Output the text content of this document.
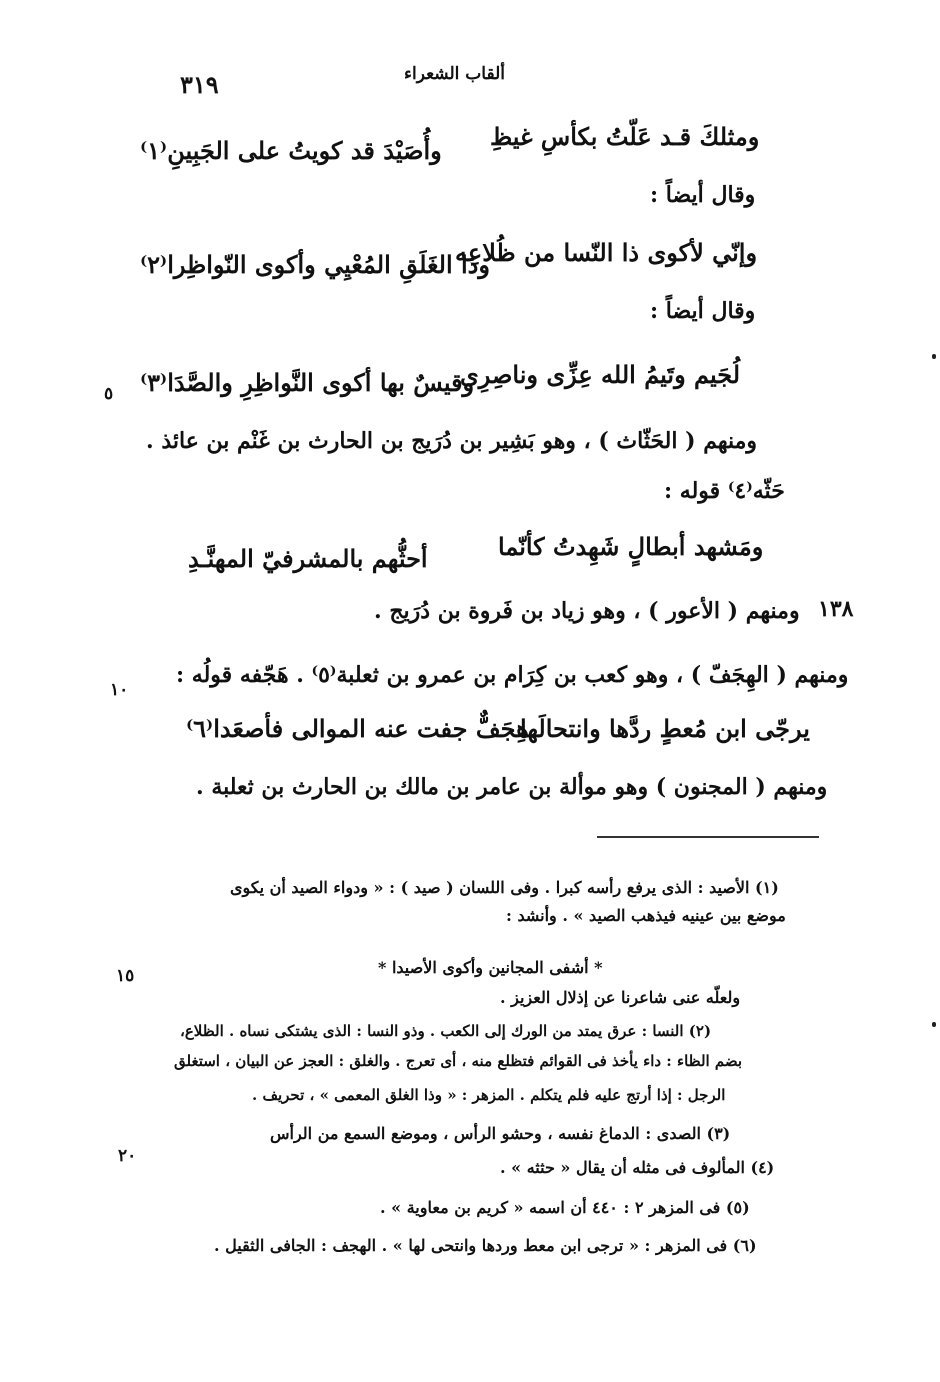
ألقاب الشعراء
٣١٩
ومثلكَ قـد عَلّتُ بكأسِ غيظِ
وأُصَيْدَ قد كويتُ على الجَبِينِ⁽١⁾
وقال أيضاً :
وإنّي لأكوى ذا النّسا من ظُلاعِه
وذا الغَلَقِ المُعْيِي وأكوى النّواظِرا⁽٢⁾
وقال أيضاً :
لُجَيم وتَيمُ الله عِزِّى وناصِرِى
وقيسٌ بها أكوى النَّواظِرِ والصَّدَا⁽٣⁾
٥
ومنهم ( الحَثّاث ) ، وهو بَشِير بن دُرَيج بن الحارث بن غَنْم بن عائذ .
حَثّه⁽٤⁾ قوله :
ومَشهد أبطالٍ شَهِدتُ كأنّما
أحثُّهم بالمشرفيّ المهنَّـدِ
ومنهم ( الأعور ) ، وهو زياد بن فَروة بن دُرَيج . ١٣٨
ومنهم ( الهِجَفّ ) ، وهو كعب بن كِرَام بن عمرو بن ثعلبة⁽٥⁾ . هَجّفه قولُه :
١٠
يرجّى ابن مُعطٍ ردَّها وانتحالَها
هِجَفٌّ جفت عنه الموالى فأصعَدا⁽٦⁾
ومنهم ( المجنون ) وهو موألة بن عامر بن مالك بن الحارث بن ثعلبة .
(١) الأصيد : الذى يرفع رأسه كبرا . وفى اللسان ( صيد ) : « ودواء الصيد أن يكوى
موضع بين عينيه فيذهب الصيد » . وأنشد :
* أشفى المجانين وأكوى الأصيدا *
١٥
ولعلّه عنى شاعرنا عن إذلال العزيز .
(٢) النسا : عرق يمتد من الورك إلى الكعب . وذو النسا : الذى يشتكى نساه . الظلاع،
بضم الظاء : داء يأخذ فى القوائم فتظلع منه ، أى تعرج . والغلق : العجز عن البيان ، استغلق
الرجل : إذا أرتج عليه فلم يتكلم . المزهر : « وذا الغلق المعمى » ، تحريف .
(٣) الصدى : الدماغ نفسه ، وحشو الرأس ، وموضع السمع من الرأس
٢٠
(٤) المألوف فى مثله أن يقال « حثثه » .
(٥) فى المزهر ٢ : ٤٤٠ أن اسمه « كريم بن معاوية » .
(٦) فى المزهر : « ترجى ابن معط وردها وانتحى لها » . الهجف : الجافى الثقيل .
